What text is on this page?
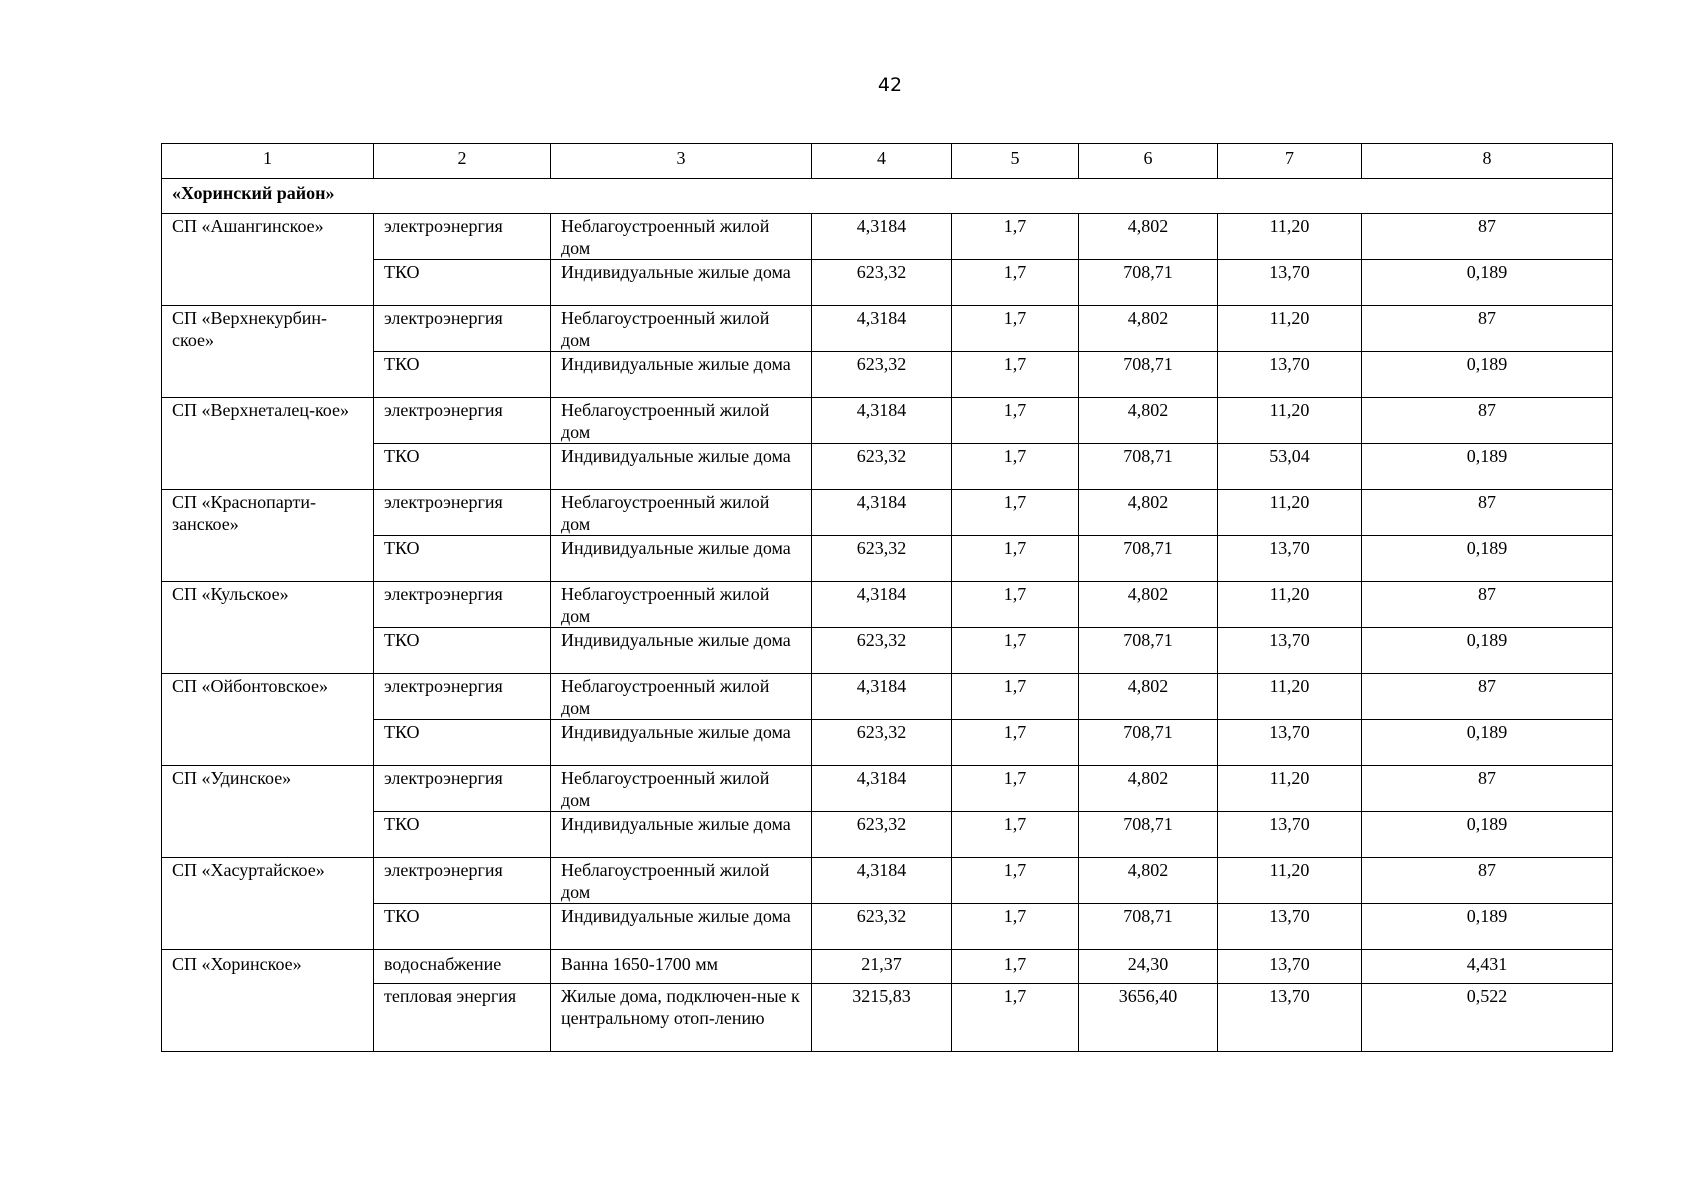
42
1	2	3	4	5	6	7	8
«Хоринский район»							
СП «Ашангинское»	электроэнергия	Неблагоустроенный жилой дом	4,3184	1,7	4,802	11,20	87
	ТКО	Индивидуальные жилые дома	623,32	1,7	708,71	13,70	0,189
СП «Верхнекурбин-ское»	электроэнергия	Неблагоустроенный жилой дом	4,3184	1,7	4,802	11,20	87
	ТКО	Индивидуальные жилые дома	623,32	1,7	708,71	13,70	0,189
СП «Верхнеталец-кое»	электроэнергия	Неблагоустроенный жилой дом	4,3184	1,7	4,802	11,20	87
	ТКО	Индивидуальные жилые дома	623,32	1,7	708,71	53,04	0,189
СП «Краснопарти-занское»	электроэнергия	Неблагоустроенный жилой дом	4,3184	1,7	4,802	11,20	87
	ТКО	Индивидуальные жилые дома	623,32	1,7	708,71	13,70	0,189
СП «Кульское»	электроэнергия	Неблагоустроенный жилой дом	4,3184	1,7	4,802	11,20	87
	ТКО	Индивидуальные жилые дома	623,32	1,7	708,71	13,70	0,189
СП «Ойбонтовское»	электроэнергия	Неблагоустроенный жилой дом	4,3184	1,7	4,802	11,20	87
	ТКО	Индивидуальные жилые дома	623,32	1,7	708,71	13,70	0,189
СП «Удинское»	электроэнергия	Неблагоустроенный жилой дом	4,3184	1,7	4,802	11,20	87
	ТКО	Индивидуальные жилые дома	623,32	1,7	708,71	13,70	0,189
СП «Хасуртайское»	электроэнергия	Неблагоустроенный жилой дом	4,3184	1,7	4,802	11,20	87
	ТКО	Индивидуальные жилые дома	623,32	1,7	708,71	13,70	0,189
СП «Хоринское»	водоснабжение	Ванна 1650-1700 мм	21,37	1,7	24,30	13,70	4,431
	тепловая энергия	Жилые дома, подключен-ные к центральному отоп-лению	3215,83	1,7	3656,40	13,70	0,522
